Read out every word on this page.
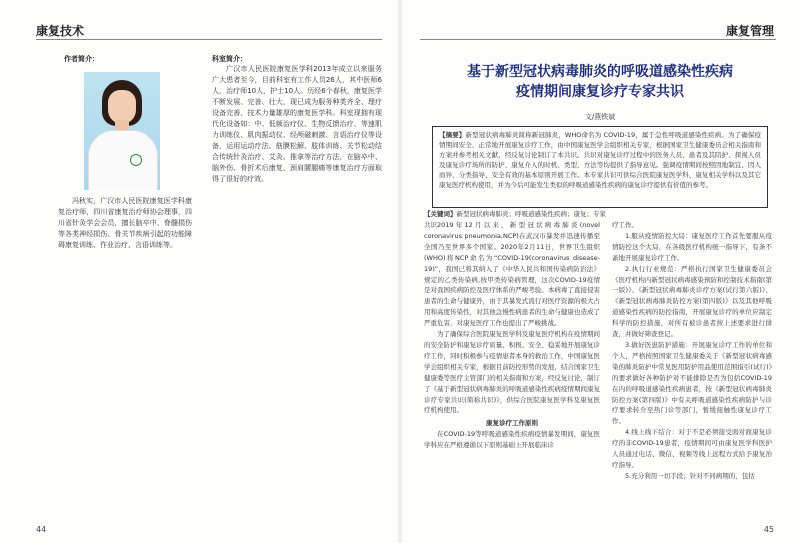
康复技术
作者简介：

冯秋实，广汉市人民医院康复医学科康复治疗师，四川省康复治疗师协会理事，四川省针灸学会会员，擅长脑卒中、脊髓损伤等各类神经损伤、骨关节疾病引起的功能障碍康复训练、作业治疗、言语训练等。

科室简介：

广汉市人民医院康复医学科2013年成立以来服务广大患者至今，目前科室有工作人员26人，其中医师6人，治疗师10人，护士10人。历经6个春秋，康复医学不断发展、完善、壮大，现已成为服务种类齐全、理疗设备完善、技术力量雄厚的康复医学科。科室现拥有现代化设备如：中、低频治疗仪、生物反馈治疗、等速肌力训练仪、肌肉振动仪、经颅磁刺激、言语治疗仪等设备，运用运动疗法、筋膜松解、肢体训练、关节松动结合传统针灸治疗、艾灸、推拿等治疗方法，在脑卒中、脑外伤、骨折术后康复、颈肩腰腿痛等康复治疗方面取得了很好的疗效。

44
康复管理
45
基于新型冠状病毒肺炎的呼吸道感染性疾病
疫情期间康复诊疗专家共识
文/燕铁斌
【摘要】新型冠状病毒肺炎简称新冠肺炎，WHO命名为 COVID-19，属于急性呼吸道感染性疾病。为了确保疫情期间安全、正常地开展康复诊疗工作，由中国康复医学会组织相关专家，根据国家卫生健康委员会相关指南和方案并参考相关文献，经反复讨论制订了本共识。共识对康复诊疗过程中的医务人员、患者及其陪护、探视人员及康复诊疗场所的防护、康复介入的时机、类型、方法等均提供了指导意见。强调疫情期间按照因地制宜、因人而异、分类指导、安全有效的基本原则开展工作。本专家共识可供综合医院康复医学科、康复相关学科以及其它康复医疗机构使用，并为今后可能发生类似的呼吸道感染性疾病的康复诊疗提供有价值的参考。
【关键词】新型冠状病毒肺炎；呼吸道感染性疾病；康复；专家共识 2019年12月以来，新型冠状病毒肺炎(novel coronavirus pneumonia,NCP)在武汉市暴发并迅速传播至全国乃至世界多个国家。2020年2月11日，世界卫生组织(WHO)将NCP命名为“COVID-19(coronavirus disease-19)”，我国已将其纳入了《中华人民共和国传染病防治法》规定的乙类传染病,按甲类传染病管理，这次COVID-19疫情是对我国疾病防控及医疗体系的严峻考验。本病毒了直接侵害患者的生命与健康外，由于其暴发式流行对医疗资源的极大占用和高度传染性，对其他急慢性病患者的生命与健康也造成了严重危害，对康复医疗工作也提出了严峻挑战。

为了确保综合医院康复医学科及康复医疗机构在疫情期间的安全防护和康复诊疗质量、积极、安全、稳妥地开展康复诊疗工作，同时积极参与疫情患者本身的救治工作，中国康复医学会组织相关专家，根据目前防控形势的发展，结合国家卫生健康委等医疗主管部门的相关指南和方案，经反复讨论，制订了《基于新型冠状病毒肺炎的呼吸道感染性疾病疫情期间康复诊疗专家共识(简称共识)》，供综合医院康复医学科及康复医疗机构使用。

康复诊疗工作原则

在COVID-19等呼吸道感染性疾病疫情暴发期间，康复医学科应在严格遵循以下原则基础上开展临床诊

疗工作。

1.服从疫情防控大局：康复医疗工作首先要服从疫情防控这个大局，在各级医疗机构统一指导下，有条不紊地开展康复诊疗工作。

2.执行行业规范：严格执行国家卫生健康委员会《医疗机构内新型冠状病毒感染预防和控制技术指南(第一版)》、《新型冠状病毒肺炎诊疗方案(试行第六版)》、《新型冠状病毒肺炎防控方案(第四版)》以及其他呼吸道感染性疾病的防控指南，开展康复诊疗的单位应制定科学的防控措施，对所有被诊患者按上述要求进行排查，并做好筛查登记。

3.做好医患防护措施：开展康复诊疗工作的单位和个人，严格按照国家卫生健康委关于《新型冠状病毒感染的肺炎防护中常见医用防护用品使用范围指引(试行)》的要求做好各种防护对不能排除是否为包括COVID-19在内的呼吸道感染性疾病患者，按《新型冠状病毒肺炎防控方案(第四版)》中有关呼吸道感染性疾病防护与诊疗要求转介至热门诊等部门，暂缓接触性康复诊疗工作。

4.线上线下结合：对于不是必须接受面对面康复诊疗的非COVID-19患者，疫情期间可由康复医学科医护人员通过电话、微信、视频等线上远程方式给予康复治疗指导。

5.充分利用一切手段；针对不同病期的，包括
